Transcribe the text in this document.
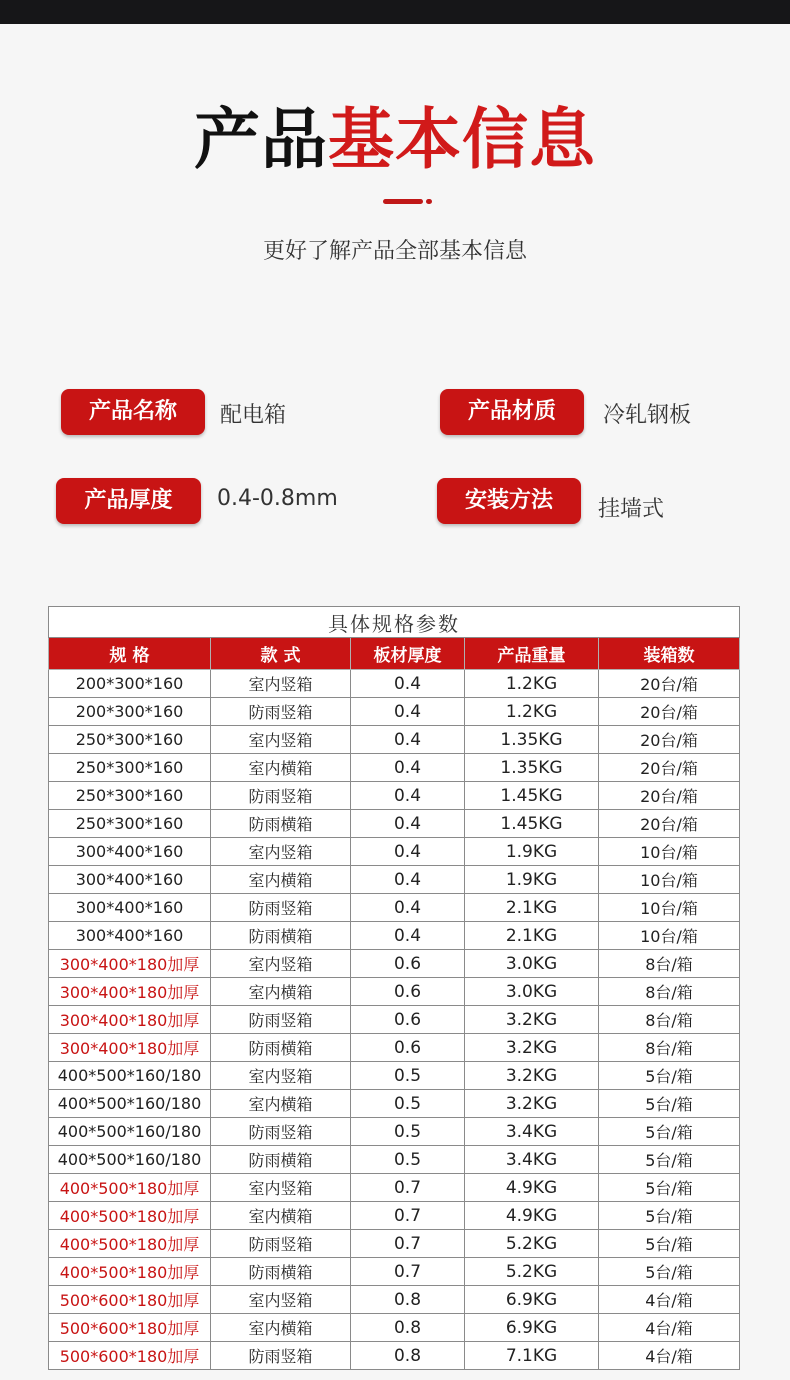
产品基本信息
更好了解产品全部基本信息
产品名称	配电箱	产品材质	冷轧钢板
产品厚度	0.4-0.8mm	安装方法	挂墙式
具体规格参数				
规 格	款 式	板材厚度	产品重量	装箱数
200*300*160	室内竖箱	0.4	1.2KG	20台/箱
200*300*160	防雨竖箱	0.4	1.2KG	20台/箱
250*300*160	室内竖箱	0.4	1.35KG	20台/箱
250*300*160	室内横箱	0.4	1.35KG	20台/箱
250*300*160	防雨竖箱	0.4	1.45KG	20台/箱
250*300*160	防雨横箱	0.4	1.45KG	20台/箱
300*400*160	室内竖箱	0.4	1.9KG	10台/箱
300*400*160	室内横箱	0.4	1.9KG	10台/箱
300*400*160	防雨竖箱	0.4	2.1KG	10台/箱
300*400*160	防雨横箱	0.4	2.1KG	10台/箱
300*400*180加厚	室内竖箱	0.6	3.0KG	8台/箱
300*400*180加厚	室内横箱	0.6	3.0KG	8台/箱
300*400*180加厚	防雨竖箱	0.6	3.2KG	8台/箱
300*400*180加厚	防雨横箱	0.6	3.2KG	8台/箱
400*500*160/180	室内竖箱	0.5	3.2KG	5台/箱
400*500*160/180	室内横箱	0.5	3.2KG	5台/箱
400*500*160/180	防雨竖箱	0.5	3.4KG	5台/箱
400*500*160/180	防雨横箱	0.5	3.4KG	5台/箱
400*500*180加厚	室内竖箱	0.7	4.9KG	5台/箱
400*500*180加厚	室内横箱	0.7	4.9KG	5台/箱
400*500*180加厚	防雨竖箱	0.7	5.2KG	5台/箱
400*500*180加厚	防雨横箱	0.7	5.2KG	5台/箱
500*600*180加厚	室内竖箱	0.8	6.9KG	4台/箱
500*600*180加厚	室内横箱	0.8	6.9KG	4台/箱
500*600*180加厚	防雨竖箱	0.8	7.1KG	4台/箱
